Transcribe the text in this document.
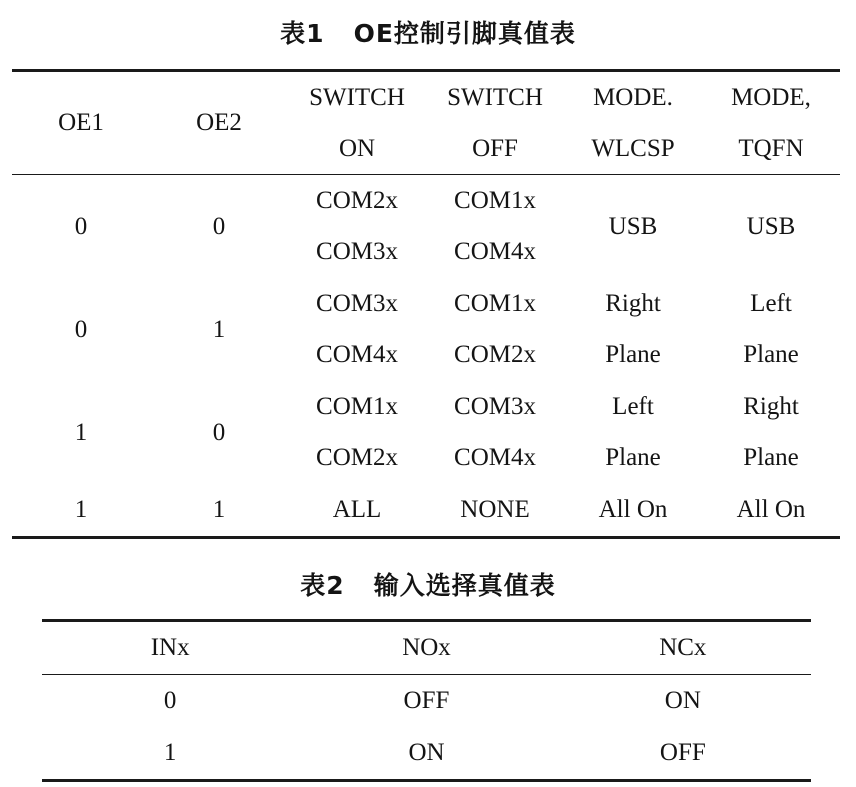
表1   OE控制引脚真值表
OE1	OE2	SWITCH	SWITCH	MODE.	MODE,
		ON	OFF	WLCSP	TQFN
0	0	COM2x	COM1x	USB	USB
		COM3x	COM4x		
0	1	COM3x	COM1x	Right	Left
		COM4x	COM2x	Plane	Plane
1	0	COM1x	COM3x	Left	Right
		COM2x	COM4x	Plane	Plane
1	1	ALL	NONE	All On	All On
表2   输入选择真值表
INx	NOx	NCx
0	OFF	ON
1	ON	OFF
